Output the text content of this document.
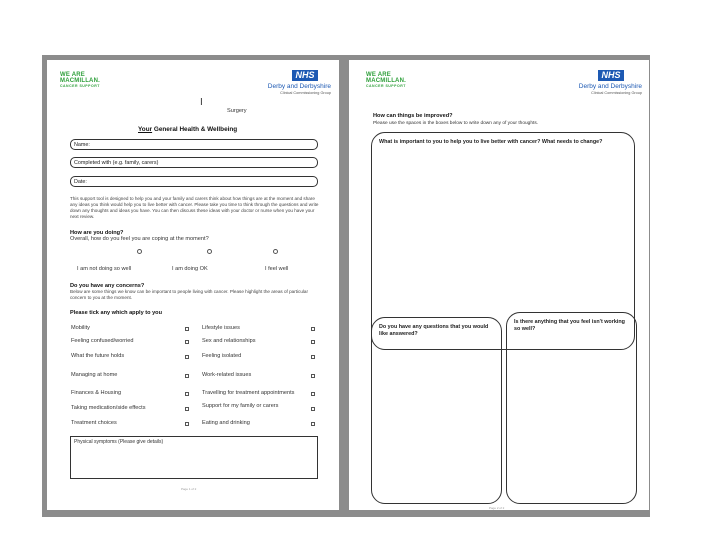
WE ARE
MACMILLAN.
CANCER SUPPORT
NHS
Derby and Derbyshire
Clinical Commissioning Group
I
Surgery
Your General Health & Wellbeing
Name:
Completed with (e.g. family, carers)
Date:
This support tool is designed to help you and your family and carers think about how things are at the moment and share any ideas you think would help you to live better with cancer. Please take you time to think through the questions and write down any thoughts and ideas you have. You can then discuss these ideas with your doctor or nurse when you have your next review.
How are you doing?
Overall, how do you feel you are coping at the moment?
I am not doing so well	I am doing OK	I feel well
Do you have any concerns?
Below are some things we know can be important to people living with cancer. Please highlight the areas of particular concern to you at the moment.
Please tick any which apply to you
Mobility
Feeling confused/worried
What the future holds
Managing at home
Finances & Housing
Taking medication/side effects
Treatment choices
Lifestyle issues
Sex and relationships
Feeling isolated
Work-related issues
Travelling for treatment appointments
Support for my family or carers
Eating and drinking
Physical symptoms (Please give details)
Page 1 of 2
WE ARE
MACMILLAN.
CANCER SUPPORT
NHS
Derby and Derbyshire
Clinical Commissioning Group
How can things be improved?
Please use the spaces in the boxes below to write down any of your thoughts.
What is important to you to help you to live better with cancer? What needs to change?
Do you have any questions that you would like answered?
Is there anything that you feel isn't working so well?
Page 2 of 2
